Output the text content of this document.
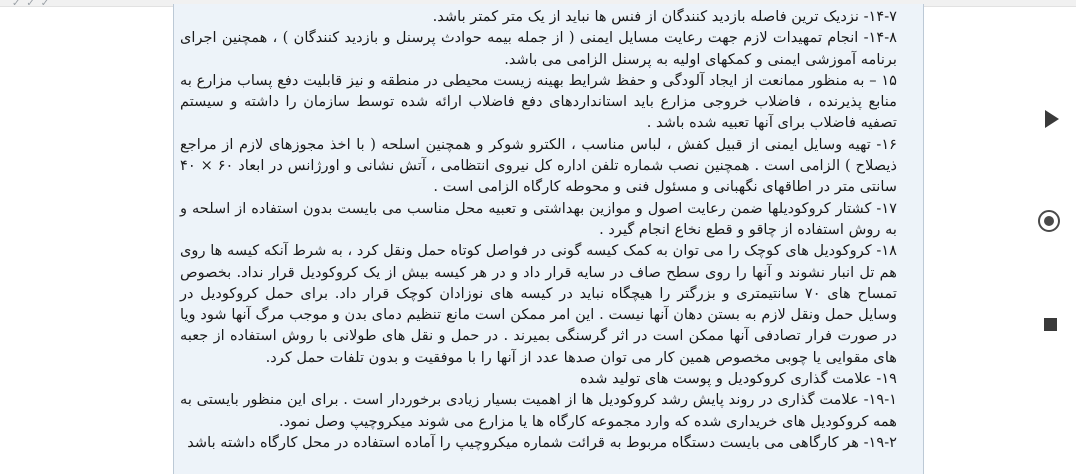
✓✓✓

۱۴-۷- نزدیک ترین فاصله بازدید کنندگان از فنس ها نباید از یک متر کمتر باشد.

۱۴-۸- انجام تمهیدات لازم جهت رعایت مسایل ایمنی ( از جمله بیمه حوادث پرسنل و بازدید کنندگان ) ، همچنین اجرای برنامه آموزشی ایمنی و کمکهای اولیه به پرسنل الزامی می باشد.

۱۵ – به منظور ممانعت از ایجاد آلودگی و حفظ شرایط بهینه زیست محیطی در منطقه و نیز قابلیت دفع پساب مزارع به منابع پذیرنده ، فاضلاب خروجی مزارع باید استانداردهای دفع فاضلاب ارائه شده توسط سازمان را داشته و سیستم تصفیه فاضلاب برای آنها تعبیه شده باشد .

۱۶- تهیه وسایل ایمنی از قبیل کفش ، لباس مناسب ، الکترو شوکر و همچنین اسلحه ( با اخذ مجوزهای لازم از مراجع ذیصلاح ) الزامی است . همچنین نصب شماره تلفن اداره کل نیروی انتظامی ، آتش نشانی و اورژانس در ابعاد ۶۰ × ۴۰ سانتی متر در اطاقهای نگهبانی و مسئول فنی و محوطه کارگاه الزامی است .

۱۷- کشتار کروکودیلها ضمن رعایت اصول و موازین بهداشتی و تعبیه محل مناسب می بایست بدون استفاده از اسلحه و به روش استفاده از چاقو و قطع نخاع انجام گیرد .

۱۸- کروکودیل های کوچک را می توان به کمک کیسه گونی در فواصل کوتاه حمل ونقل کرد ، به شرط آنکه کیسه ها روی هم تل انبار نشوند و آنها را روی سطح صاف در سایه قرار داد و در هر کیسه بیش از یک کروکودیل قرار نداد. بخصوص تمساح های ۷۰ سانتیمتری و بزرگتر را هیچگاه نباید در کیسه های نوزادان کوچک قرار داد. برای حمل کروکودیل در وسایل حمل ونقل لازم به بستن دهان آنها نیست . این امر ممکن است مانع تنظیم دمای بدن و موجب مرگ آنها شود ویا در صورت فرار تصادفی آنها ممکن است در اثر گرسنگی بمیرند . در حمل و نقل های طولانی با روش استفاده از جعبه های مقوایی یا چوبی مخصوص همین کار می توان صدها عدد از آنها را با موفقیت و بدون تلفات حمل کرد.

۱۹- علامت گذاری کروکودیل و پوست های تولید شده

۱۹-۱- علامت گذاری در روند پایش رشد کروکودیل ها از اهمیت بسیار زیادی برخوردار است . برای این منظور بایستی به همه کروکودیل های خریداری شده که وارد مجموعه کارگاه ها یا مزارع می شوند میکروچیپ وصل نمود.

۱۹-۲- هر کارگاهی می بایست دستگاه مربوط به قرائت شماره میکروچیپ را آماده استفاده در محل کارگاه داشته باشد
